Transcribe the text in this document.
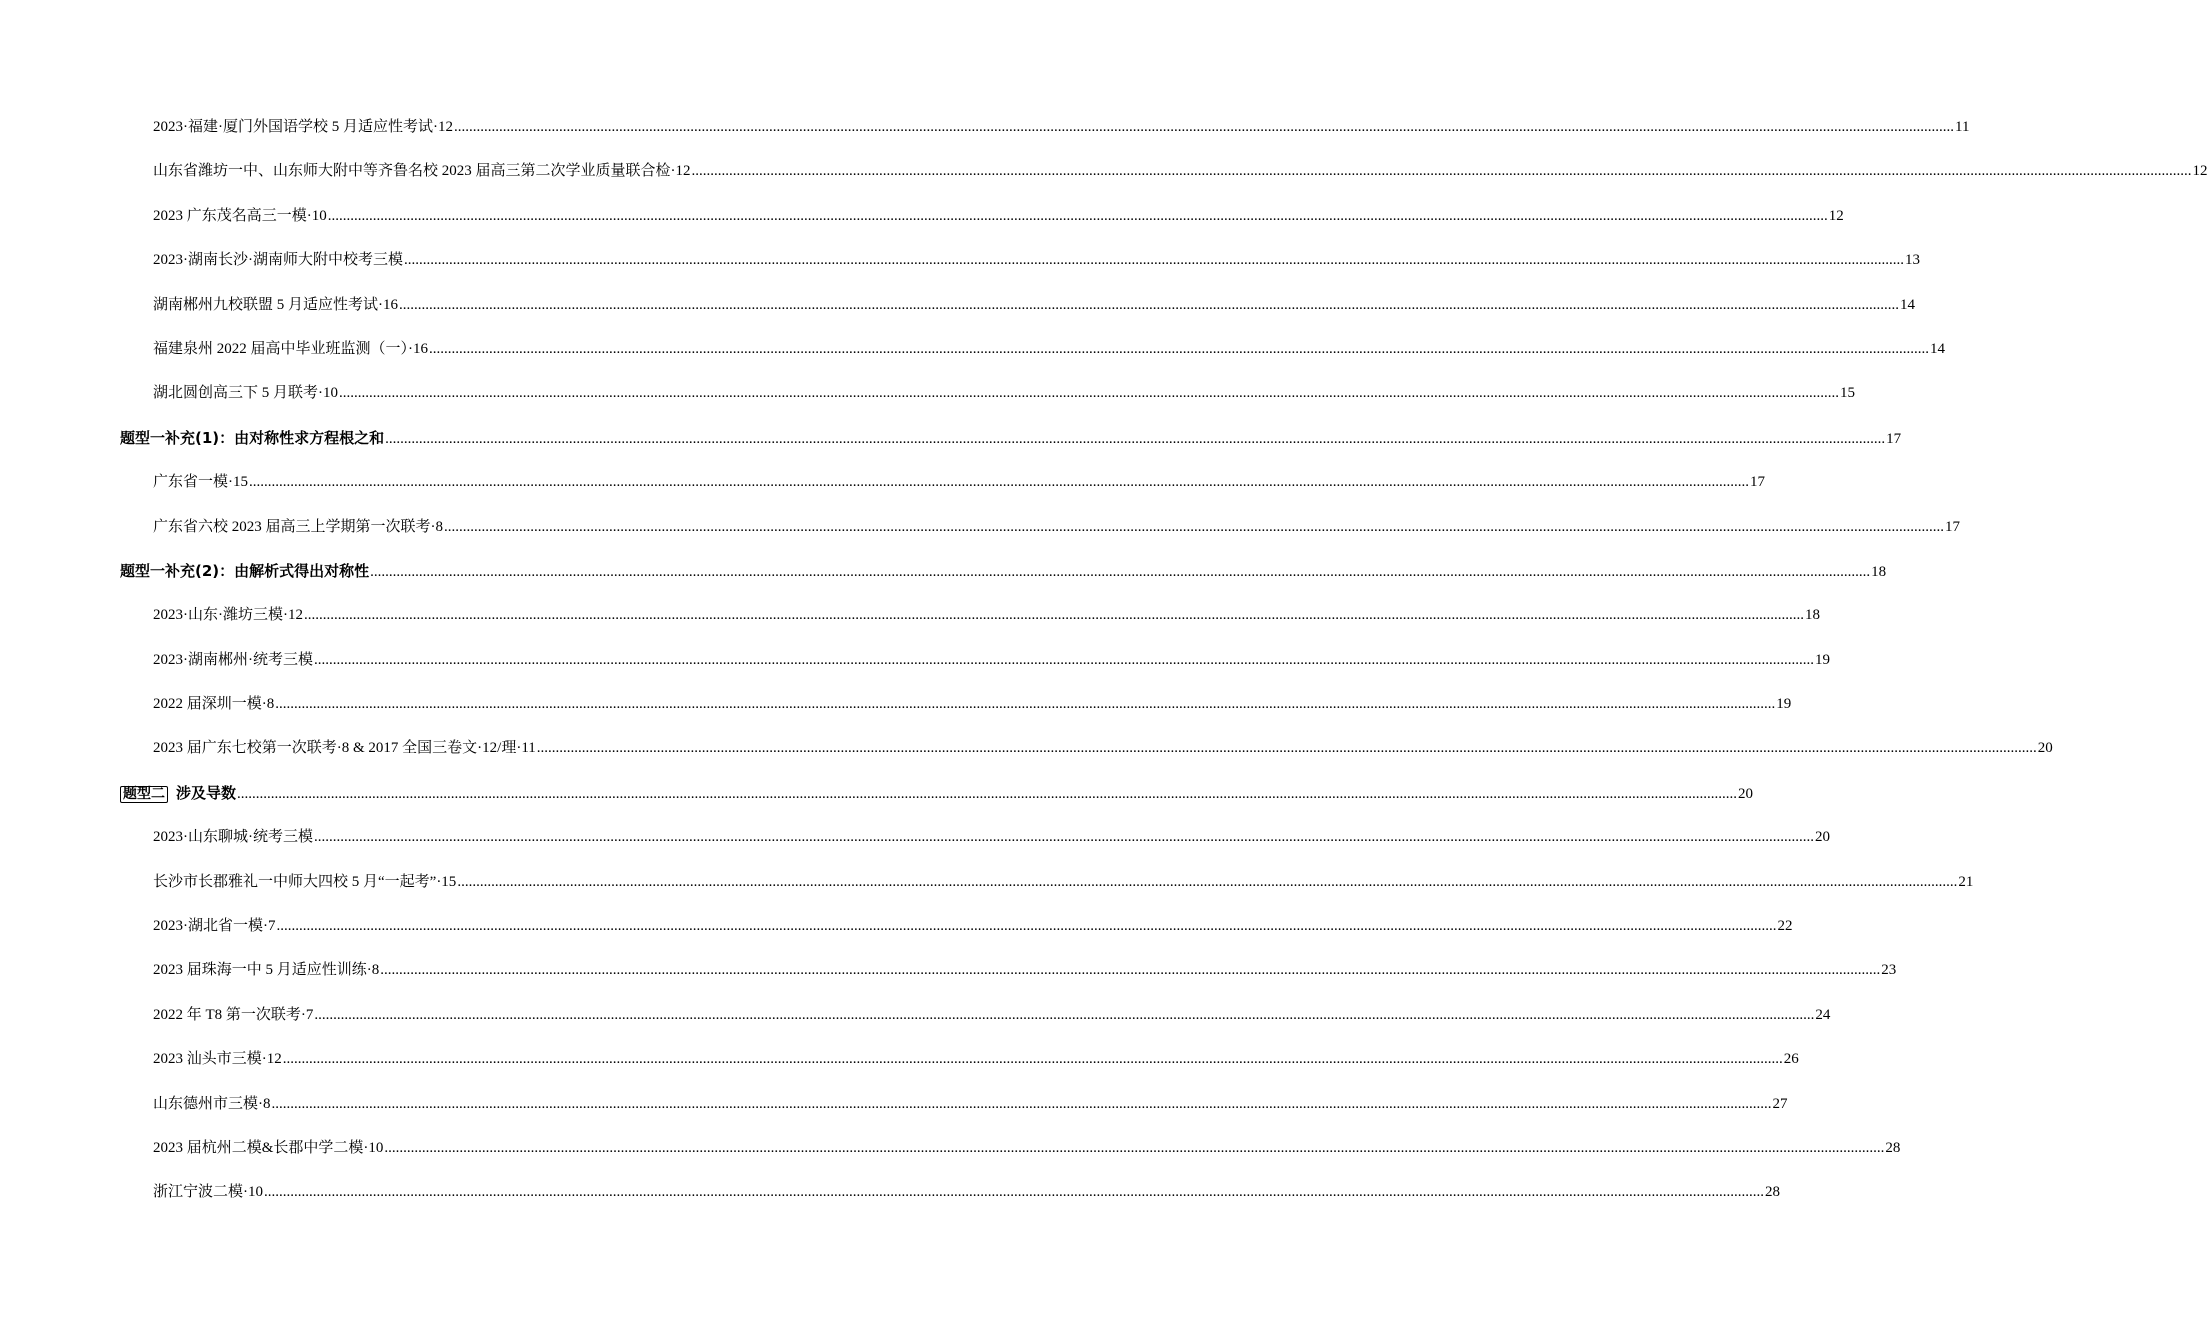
2023·福建·厦门外国语学校 5 月适应性考试·12 ................................................................................................................................................................................................................................................................................................................................................................................................................ 11
山东省潍坊一中、山东师大附中等齐鲁名校 2023 届高三第二次学业质量联合检·12 ................................................................................................................................................................................................................................................................................................................................................................................................................ 12
2023 广东茂名高三一模·10 ................................................................................................................................................................................................................................................................................................................................................................................................................ 12
2023·湖南长沙·湖南师大附中校考三模 ................................................................................................................................................................................................................................................................................................................................................................................................................ 13
湖南郴州九校联盟 5 月适应性考试·16 ................................................................................................................................................................................................................................................................................................................................................................................................................ 14
福建泉州 2022 届高中毕业班监测（一）·16 ................................................................................................................................................................................................................................................................................................................................................................................................................ 14
湖北圆创高三下 5 月联考·10 ................................................................................................................................................................................................................................................................................................................................................................................................................ 15
题型一补充(1)：由对称性求方程根之和 ................................................................................................................................................................................................................................................................................................................................................................................................................ 17
广东省一模·15 ................................................................................................................................................................................................................................................................................................................................................................................................................ 17
广东省六校 2023 届高三上学期第一次联考·8 ................................................................................................................................................................................................................................................................................................................................................................................................................ 17
题型一补充(2)：由解析式得出对称性 ................................................................................................................................................................................................................................................................................................................................................................................................................ 18
2023·山东·潍坊三模·12 ................................................................................................................................................................................................................................................................................................................................................................................................................ 18
2023·湖南郴州·统考三模 ................................................................................................................................................................................................................................................................................................................................................................................................................ 19
2022 届深圳一模·8 ................................................................................................................................................................................................................................................................................................................................................................................................................ 19
2023 届广东七校第一次联考·8 & 2017 全国三卷文·12/理·11 ................................................................................................................................................................................................................................................................................................................................................................................................................ 20
题型二 涉及导数 ................................................................................................................................................................................................................................................................................................................................................................................................................ 20
2023·山东聊城·统考三模 ................................................................................................................................................................................................................................................................................................................................................................................................................ 20
长沙市长郡雅礼一中师大四校 5 月“一起考”·15 ................................................................................................................................................................................................................................................................................................................................................................................................................ 21
2023·湖北省一模·7 ................................................................................................................................................................................................................................................................................................................................................................................................................ 22
2023 届珠海一中 5 月适应性训练·8 ................................................................................................................................................................................................................................................................................................................................................................................................................ 23
2022 年 T8 第一次联考·7 ................................................................................................................................................................................................................................................................................................................................................................................................................ 24
2023 汕头市三模·12 ................................................................................................................................................................................................................................................................................................................................................................................................................ 26
山东德州市三模·8 ................................................................................................................................................................................................................................................................................................................................................................................................................ 27
2023 届杭州二模&长郡中学二模·10 ................................................................................................................................................................................................................................................................................................................................................................................................................ 28
浙江宁波二模·10 ................................................................................................................................................................................................................................................................................................................................................................................................................ 28
